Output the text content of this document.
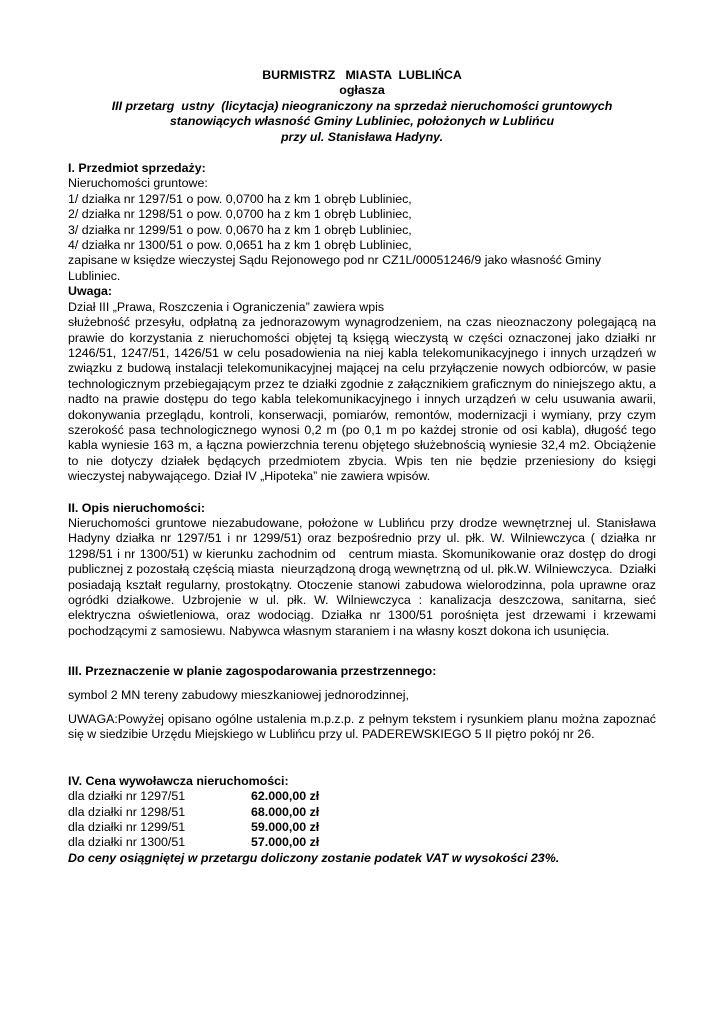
BURMISTRZ   MIASTA  LUBLIŃCA

ogłasza

III przetarg  ustny  (licytacja) nieograniczony na sprzedaż nieruchomości gruntowych

stanowiących własność Gminy Lubliniec, położonych w Lublińcu

przy ul. Stanisława Hadyny.

I. Przedmiot sprzedaży:

Nieruchomości gruntowe:

1/ działka nr 1297/51 o pow. 0,0700 ha z km 1 obręb Lubliniec,

2/ działka nr 1298/51 o pow. 0,0700 ha z km 1 obręb Lubliniec,

3/ działka nr 1299/51 o pow. 0,0670 ha z km 1 obręb Lubliniec,

4/ działka nr 1300/51 o pow. 0,0651 ha z km 1 obręb Lubliniec,

zapisane w księdze wieczystej Sądu Rejonowego pod nr CZ1L/00051246/9 jako własność Gminy Lubliniec.

Uwaga:

Dział III „Prawa, Roszczenia i Ograniczenia” zawiera wpis

służebność przesyłu, odpłatną za jednorazowym wynagrodzeniem, na czas nieoznaczony polegającą na prawie do korzystania z nieruchomości objętej tą księgą wieczystą w części oznaczonej jako działki nr 1246/51, 1247/51, 1426/51 w celu posadowienia na niej kabla telekomunikacyjnego i innych urządzeń w związku z budową instalacji telekomunikacyjnej mającej na celu przyłączenie nowych odbiorców, w pasie technologicznym przebiegającym przez te działki zgodnie z załącznikiem graficznym do niniejszego aktu, a nadto na prawie dostępu do tego kabla telekomunikacyjnego i innych urządzeń w celu usuwania awarii, dokonywania przeglądu, kontroli, konserwacji, pomiarów, remontów, modernizacji i wymiany, przy czym szerokość pasa technologicznego wynosi 0,2 m (po 0,1 m po każdej stronie od osi kabla), długość tego kabla wyniesie 163 m, a łączna powierzchnia terenu objętego służebnością wyniesie 32,4 m2. Obciążenie to nie dotyczy działek będących przedmiotem zbycia. Wpis ten nie będzie przeniesiony do księgi wieczystej nabywającego. Dział IV „Hipoteka” nie zawiera wpisów.

II. Opis nieruchomości:

Nieruchomości gruntowe niezabudowane, położone w Lublińcu przy drodze wewnętrznej ul. Stanisława Hadyny działka nr 1297/51 i nr 1299/51) oraz bezpośrednio przy ul. płk. W. Wilniewczyca ( działka nr 1298/51 i nr 1300/51) w kierunku zachodnim od   centrum miasta. Skomunikowanie oraz dostęp do drogi publicznej z pozostałą częścią miasta  nieurządzoną drogą wewnętrzną od ul. płk.W. Wilniewczyca.  Działki posiadają kształt regularny, prostokątny. Otoczenie stanowi zabudowa wielorodzinna, pola uprawne oraz ogródki działkowe. Uzbrojenie w ul. płk. W. Wilniewczyca : kanalizacja deszczowa, sanitarna, sieć elektryczna oświetleniowa, oraz wodociąg. Działka nr 1300/51 porośnięta jest drzewami i krzewami pochodzącymi z samosiewu. Nabywca własnym staraniem i na własny koszt dokona ich usunięcia.

III. Przeznaczenie w planie zagospodarowania przestrzennego:

symbol 2 MN tereny zabudowy mieszkaniowej jednorodzinnej,

UWAGA:Powyżej opisano ogólne ustalenia m.p.z.p. z pełnym tekstem i rysunkiem planu można zapoznać się w siedzibie Urzędu Miejskiego w Lublińcu przy ul. PADEREWSKIEGO 5 II piętro pokój nr 26.

IV. Cena wywoławcza nieruchomości:

dla działki nr 1297/51	62.000,00 zł
dla działki nr 1298/51	68.000,00 zł
dla działki nr 1299/51	59.000,00 zł
dla działki nr 1300/51	57.000,00 zł

Do ceny osiągniętej w przetargu doliczony zostanie podatek VAT w wysokości 23%.
